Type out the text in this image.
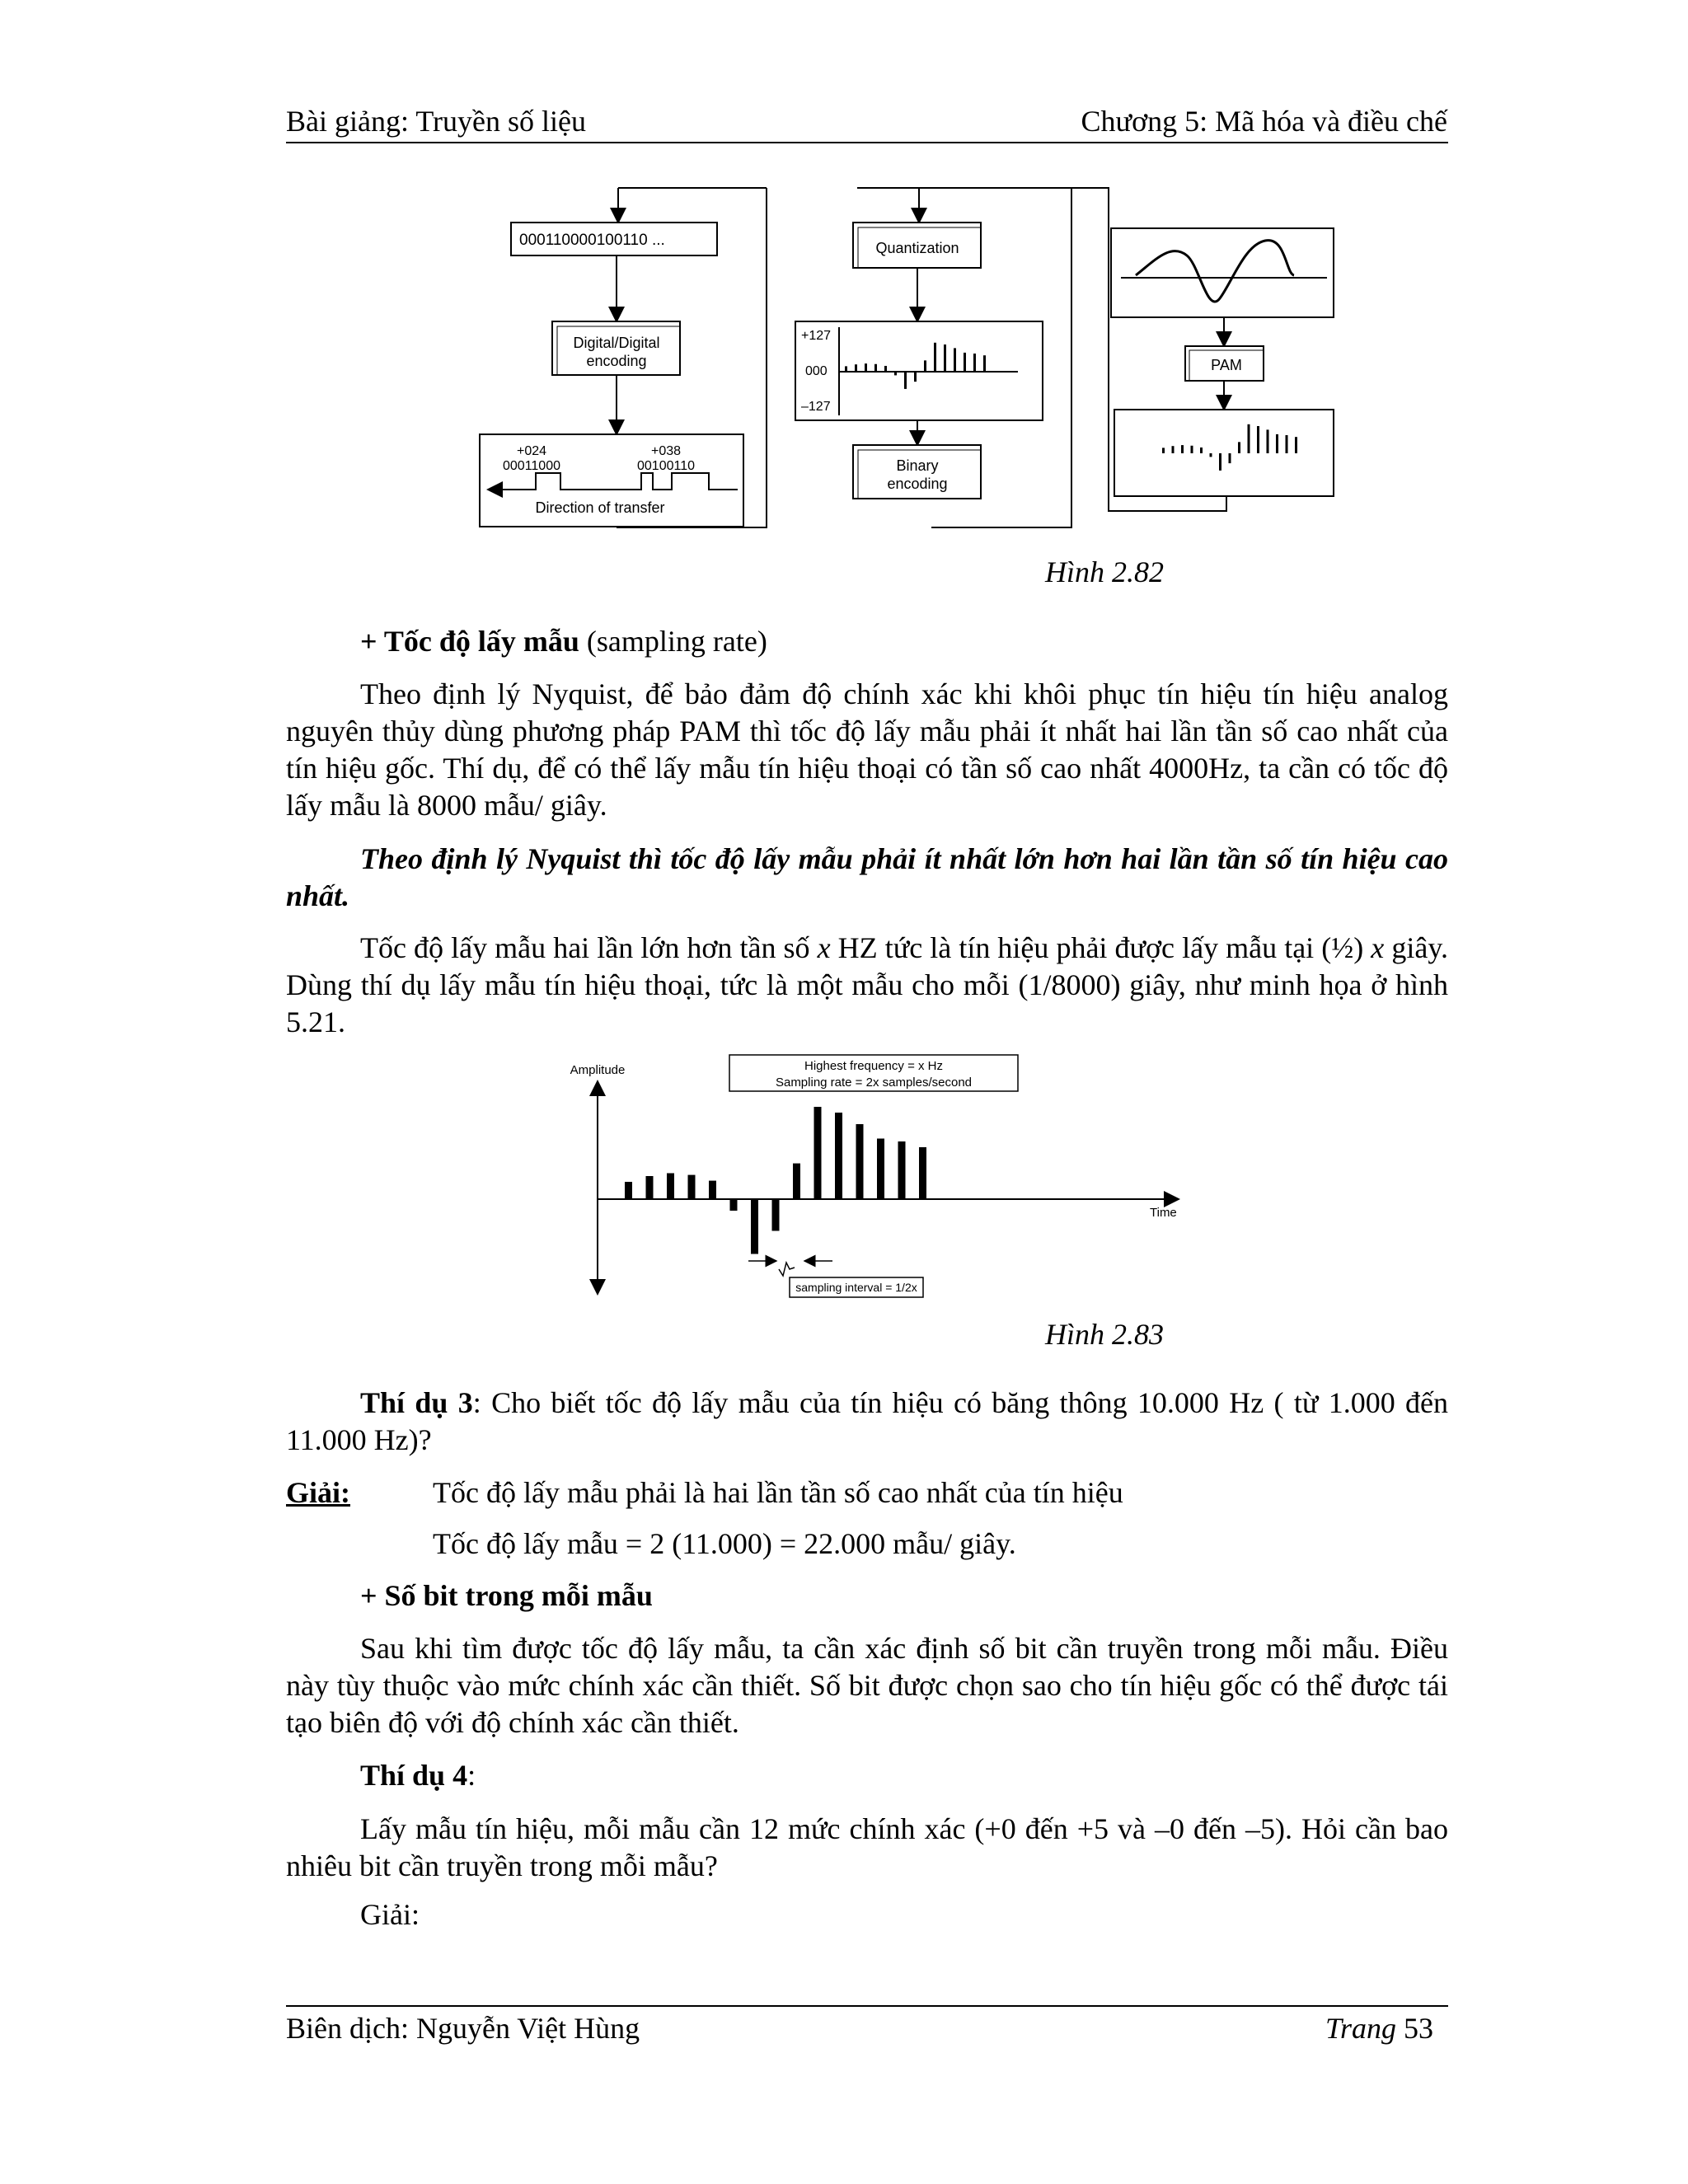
Bài giảng: Truyền số liệu	Chương 5: Mã hóa và điều chế
000110000100110 ...
Digital/Digital
encoding
+024
00011000
+038
00100110
Direction of transfer
Quantization
+127
000
–127
Binary
encoding
PAM
Hình 2.82
+ Tốc độ lấy mẫu (sampling rate)
Theo định lý Nyquist, để bảo đảm độ chính xác khi khôi phục tín hiệu tín hiệu analog nguyên thủy dùng phương pháp PAM thì tốc độ lấy mẫu phải ít nhất hai lần tần số cao nhất của tín hiệu gốc. Thí dụ, để có thể lấy mẫu tín hiệu thoại có tần số cao nhất 4000Hz, ta cần có tốc độ lấy mẫu là 8000 mẫu/ giây.
Theo định lý Nyquist thì tốc độ lấy mẫu phải ít nhất lớn hơn hai lần tần số tín hiệu cao nhất.
Tốc độ lấy mẫu hai lần lớn hơn tần số x HZ tức là tín hiệu phải được lấy mẫu tại (½) x giây. Dùng thí dụ lấy mẫu tín hiệu thoại, tức là một mẫu cho mỗi (1/8000) giây, như minh họa ở hình 5.21.
Amplitude
Time
Highest frequency = x Hz
Sampling rate = 2x samples/second
sampling interval = 1/2x
Hình 2.83
Thí dụ 3: Cho biết tốc độ lấy mẫu của tín hiệu có băng thông 10.000 Hz ( từ 1.000 đến 11.000 Hz)?
Giải:	Tốc độ lấy mẫu phải là hai lần tần số cao nhất của tín hiệu
Tốc độ lấy mẫu = 2 (11.000) = 22.000 mẫu/ giây.
+ Số bit trong mỗi mẫu
Sau khi tìm được tốc độ lấy mẫu, ta cần xác định số bit cần truyền trong mỗi mẫu. Điều này tùy thuộc vào mức chính xác cần thiết. Số bit được chọn sao cho tín hiệu gốc có thể được tái tạo biên độ với độ chính xác cần thiết.
Thí dụ 4:
Lấy mẫu tín hiệu, mỗi mẫu cần 12 mức chính xác (+0 đến +5 và –0 đến –5). Hỏi cần bao nhiêu bit cần truyền trong mỗi mẫu?
Giải:
Biên dịch: Nguyễn Việt Hùng	Trang 53
